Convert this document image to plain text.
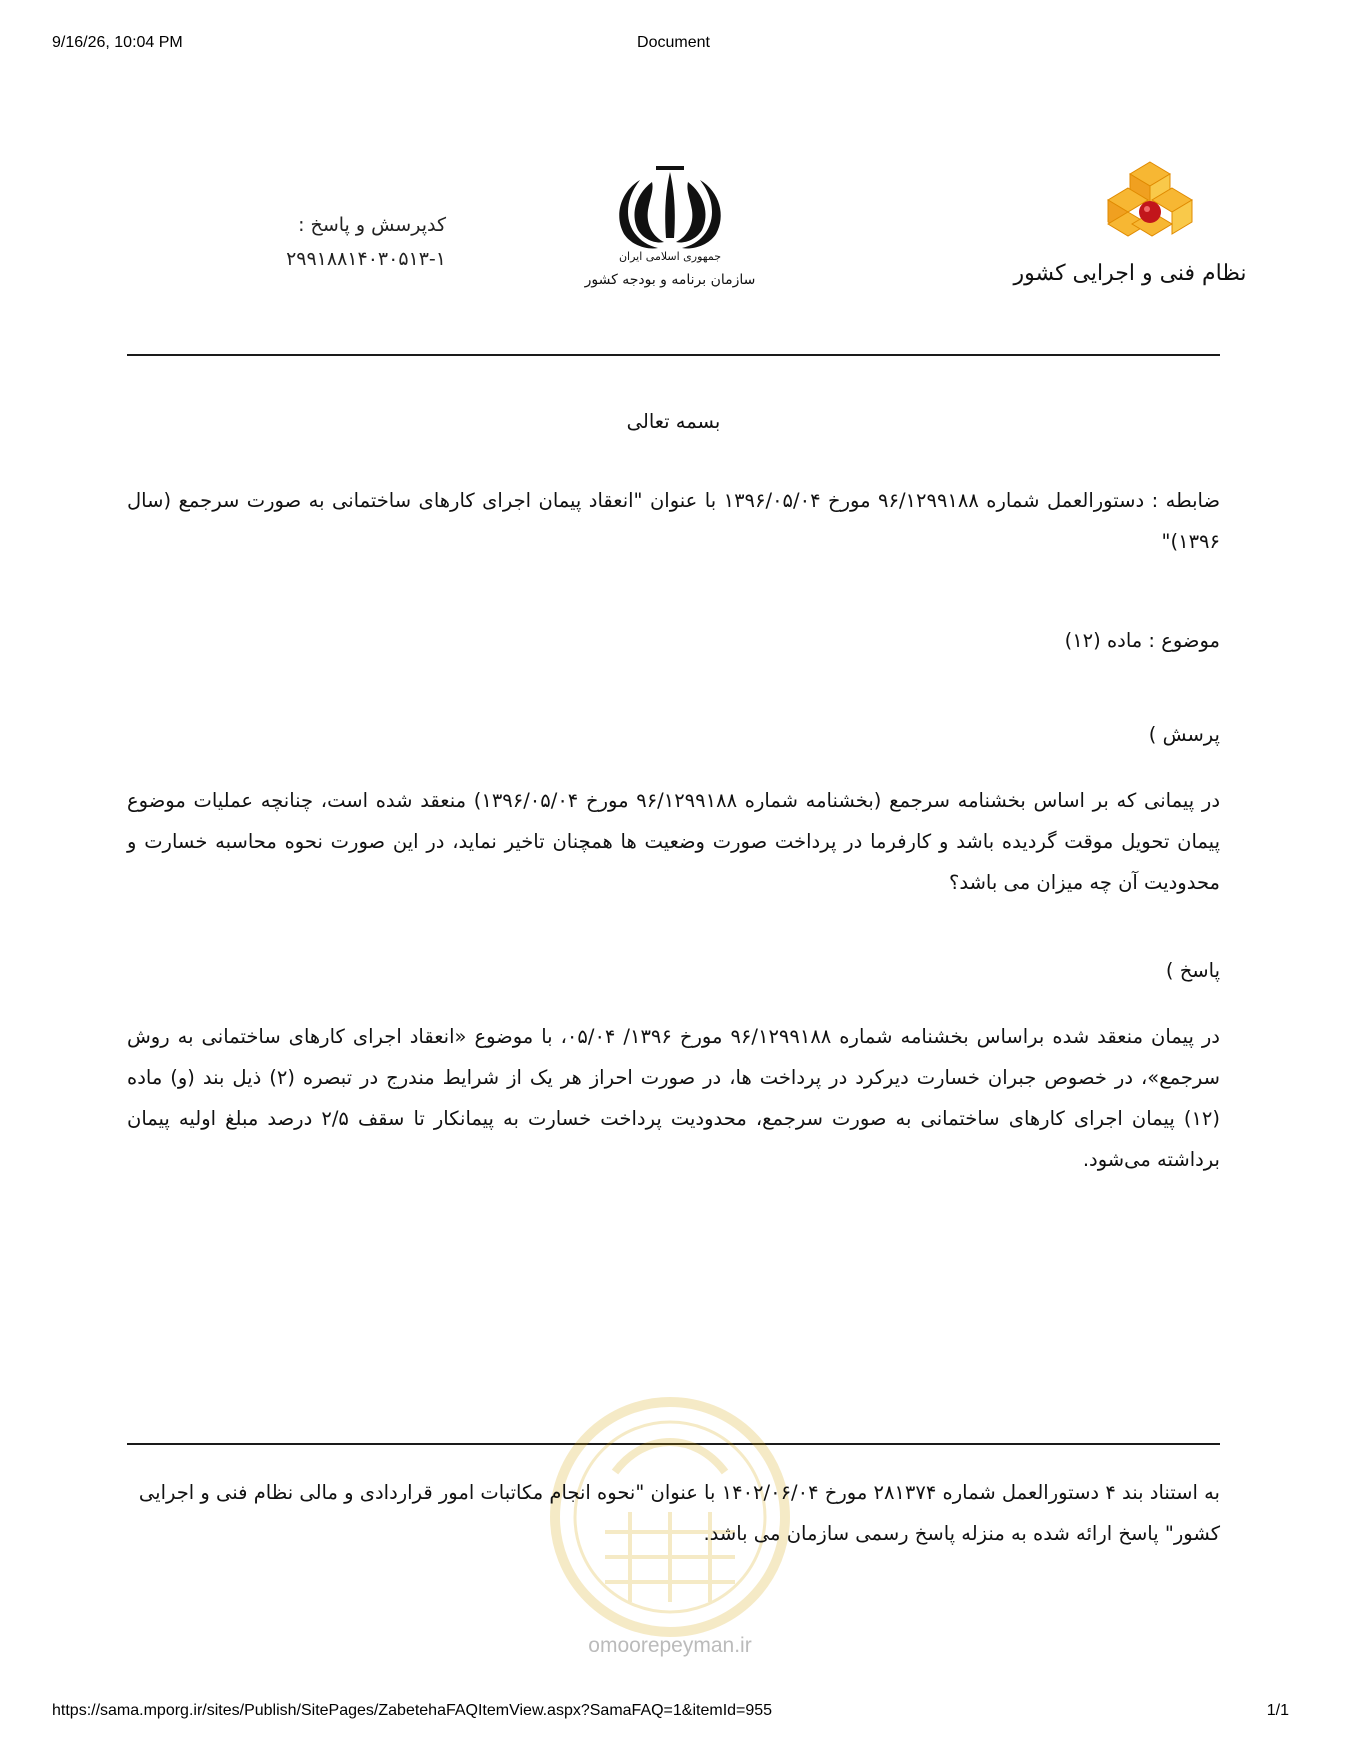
9/16/26, 10:04 PM	Document
کدپرسش و پاسخ :
۲۹۹۱۸۸۱۴۰۳۰۵۱۳-۱	جمهوری اسلامی ایران
سازمان برنامه و بودجه کشور	نظام فنی و اجرایی کشور
بسمه تعالی
ضابطه : دستورالعمل شماره ۹۶/۱۲۹۹۱۸۸ مورخ ۱۳۹۶/۰۵/۰۴ با عنوان "انعقاد پیمان اجرای کارهای ساختمانی به صورت سرجمع (سال ۱۳۹۶)"
موضوع : ماده (۱۲)
پرسش )
در پیمانی که بر اساس بخشنامه سرجمع (بخشنامه شماره ۹۶/۱۲۹۹۱۸۸ مورخ ۱۳۹۶/۰۵/۰۴) منعقد شده است، چنانچه عملیات موضوع پیمان تحویل موقت گردیده باشد و کارفرما در پرداخت صورت وضعیت ها همچنان تاخیر نماید، در این صورت نحوه محاسبه خسارت و محدودیت آن چه میزان می باشد؟
پاسخ )
در پیمان منعقد شده براساس بخشنامه شماره ۹۶/۱۲۹۹۱۸۸ مورخ ۱۳۹۶/ ۰۵/۰۴، با موضوع «انعقاد اجرای کارهای ساختمانی به روش سرجمع»، در خصوص جبران خسارت دیرکرد در پرداخت ها، در صورت احراز هر یک از شرایط مندرج در تبصره (۲) ذیل بند (و) ماده (۱۲) پیمان اجرای کارهای ساختمانی به صورت سرجمع، محدودیت پرداخت خسارت به پیمانکار تا سقف ۲/۵ درصد مبلغ اولیه پیمان برداشته می‌شود.
به استناد بند ۴ دستورالعمل شماره ۲۸۱۳۷۴ مورخ ۱۴۰۲/۰۶/۰۴ با عنوان "نحوه انجام مکاتبات امور قراردادی و مالی نظام فنی و اجرایی کشور" پاسخ ارائه شده به منزله پاسخ رسمی سازمان می باشد.
omoorepeyman.ir
https://sama.mporg.ir/sites/Publish/SitePages/ZabetehaFAQItemView.aspx?SamaFAQ=1&itemId=955	1/1
